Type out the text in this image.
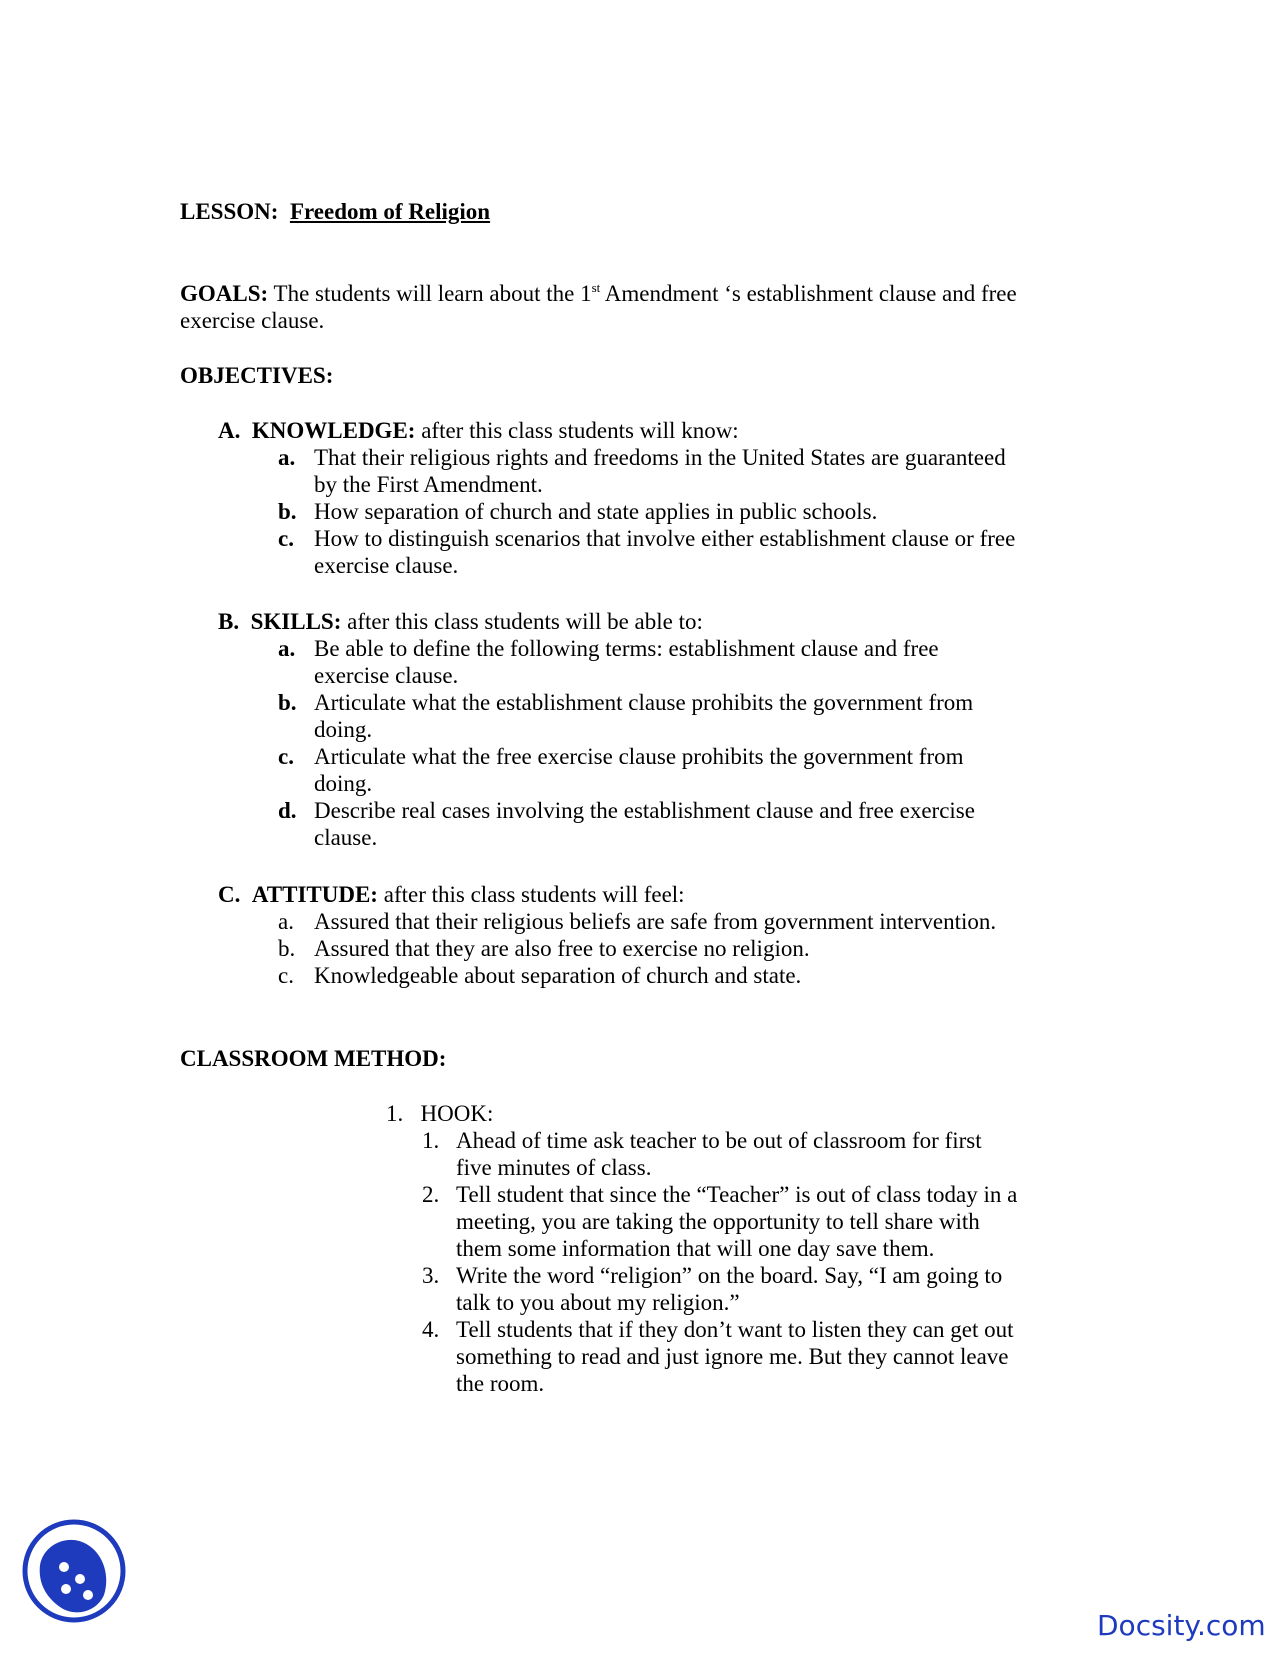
LESSON: Freedom of Religion
GOALS: The students will learn about the 1st Amendment ‘s establishment clause and free
exercise clause.
OBJECTIVES:
A. KNOWLEDGE: after this class students will know:
a. That their religious rights and freedoms in the United States are guaranteed
by the First Amendment.
b. How separation of church and state applies in public schools.
c. How to distinguish scenarios that involve either establishment clause or free
exercise clause.
B. SKILLS: after this class students will be able to:
a. Be able to define the following terms: establishment clause and free
exercise clause.
b. Articulate what the establishment clause prohibits the government from
doing.
c. Articulate what the free exercise clause prohibits the government from
doing.
d. Describe real cases involving the establishment clause and free exercise
clause.
C. ATTITUDE: after this class students will feel:
a. Assured that their religious beliefs are safe from government intervention.
b. Assured that they are also free to exercise no religion.
c. Knowledgeable about separation of church and state.
CLASSROOM METHOD:
1. HOOK:
1. Ahead of time ask teacher to be out of classroom for first
five minutes of class.
2. Tell student that since the “Teacher” is out of class today in a
meeting, you are taking the opportunity to tell share with
them some information that will one day save them.
3. Write the word “religion” on the board. Say, “I am going to
talk to you about my religion.”
4. Tell students that if they don’t want to listen they can get out
something to read and just ignore me. But they cannot leave
the room.
Docsity.com
